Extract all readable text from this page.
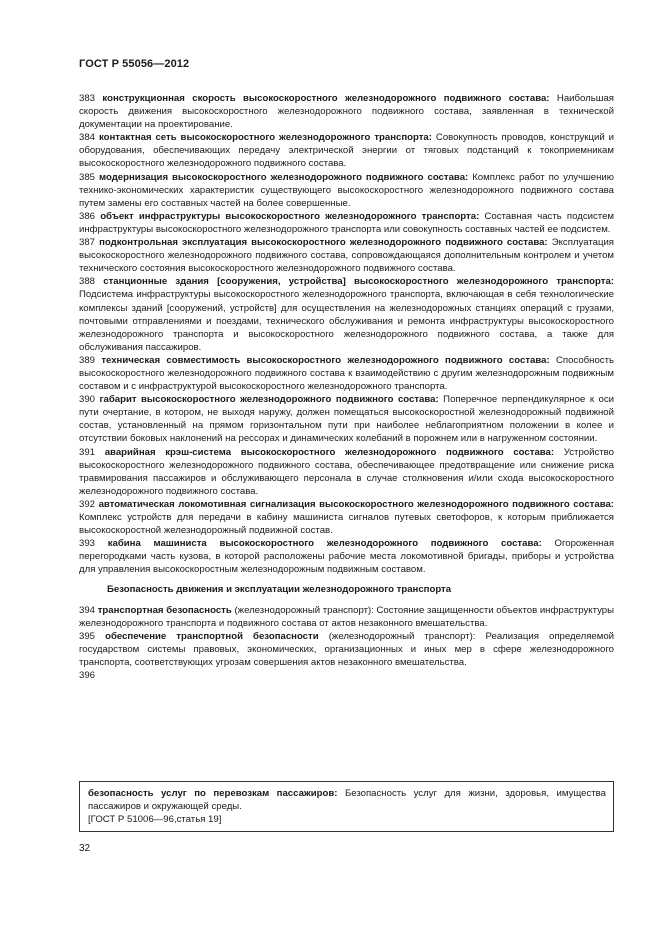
ГОСТ Р 55056—2012

383 конструкционная скорость высокоскоростного железнодорожного подвижного состава: Наибольшая скорость движения высокоскоростного железнодорожного подвижного состава, заявленная в технической документации на проектирование.

384 контактная сеть высокоскоростного железнодорожного транспорта: Совокупность проводов, конструкций и оборудования, обеспечивающих передачу электрической энергии от тяговых подстанций к токоприемникам высокоскоростного железнодорожного подвижного состава.

385 модернизация высокоскоростного железнодорожного подвижного состава: Комплекс работ по улучшению технико-экономических характеристик существующего высокоскоростного железнодорожного подвижного состава путем замены его составных частей на более совершенные.

386 объект инфраструктуры высокоскоростного железнодорожного транспорта: Составная часть подсистем инфраструктуры высокоскоростного железнодорожного транспорта или совокупность составных частей ее подсистем.

387 подконтрольная эксплуатация высокоскоростного железнодорожного подвижного состава: Эксплуатация высокоскоростного железнодорожного подвижного состава, сопровождающаяся дополнительным контролем и учетом технического состояния высокоскоростного железнодорожного подвижного состава.

388 станционные здания [сооружения, устройства] высокоскоростного железнодорожного транспорта: Подсистема инфраструктуры высокоскоростного железнодорожного транспорта, включающая в себя технологические комплексы зданий [сооружений, устройств] для осуществления на железнодорожных станциях операций с грузами, почтовыми отправлениями и поездами, технического обслуживания и ремонта инфраструктуры высокоскоростного железнодорожного транспорта и высокоскоростного железнодорожного подвижного состава, а также для обслуживания пассажиров.

389 техническая совместимость высокоскоростного железнодорожного подвижного состава: Способность высокоскоростного железнодорожного подвижного состава к взаимодействию с другим железнодорожным подвижным составом и с инфраструктурой высокоскоростного железнодорожного транспорта.

390 габарит высокоскоростного железнодорожного подвижного состава: Поперечное перпендикулярное к оси пути очертание, в котором, не выходя наружу, должен помещаться высокоскоростной железнодорожный подвижной состав, установленный на прямом горизонтальном пути при наиболее неблагоприятном положении в колее и отсутствии боковых наклонений на рессорах и динамических колебаний в порожнем или в нагруженном состоянии.

391 аварийная крэш-система высокоскоростного железнодорожного подвижного состава: Устройство высокоскоростного железнодорожного подвижного состава, обеспечивающее предотвращение или снижение риска травмирования пассажиров и обслуживающего персонала в случае столкновения и/или схода высокоскоростного железнодорожного подвижного состава.

392 автоматическая локомотивная сигнализация высокоскоростного железнодорожного подвижного состава: Комплекс устройств для передачи в кабину машиниста сигналов путевых светофоров, к которым приближается высокоскоростной железнодорожный подвижной состав.

393 кабина машиниста высокоскоростного железнодорожного подвижного состава: Огороженная перегородками часть кузова, в которой расположены рабочие места локомотивной бригады, приборы и устройства для управления высокоскоростным железнодорожным подвижным составом.

Безопасность движения и эксплуатации железнодорожного транспорта

394 транспортная безопасность (железнодорожный транспорт): Состояние защищенности объектов инфраструктуры железнодорожного транспорта и подвижного состава от актов незаконного вмешательства.

395 обеспечение транспортной безопасности (железнодорожный транспорт): Реализация определяемой государством системы правовых, экономических, организационных и иных мер в сфере железнодорожного транспорта, соответствующих угрозам совершения актов незаконного вмешательства.

396

безопасность услуг по перевозкам пассажиров: Безопасность услуг для жизни, здоровья, имущества пассажиров и окружающей среды.

[ГОСТ Р 51006—96,статья 19]

32
